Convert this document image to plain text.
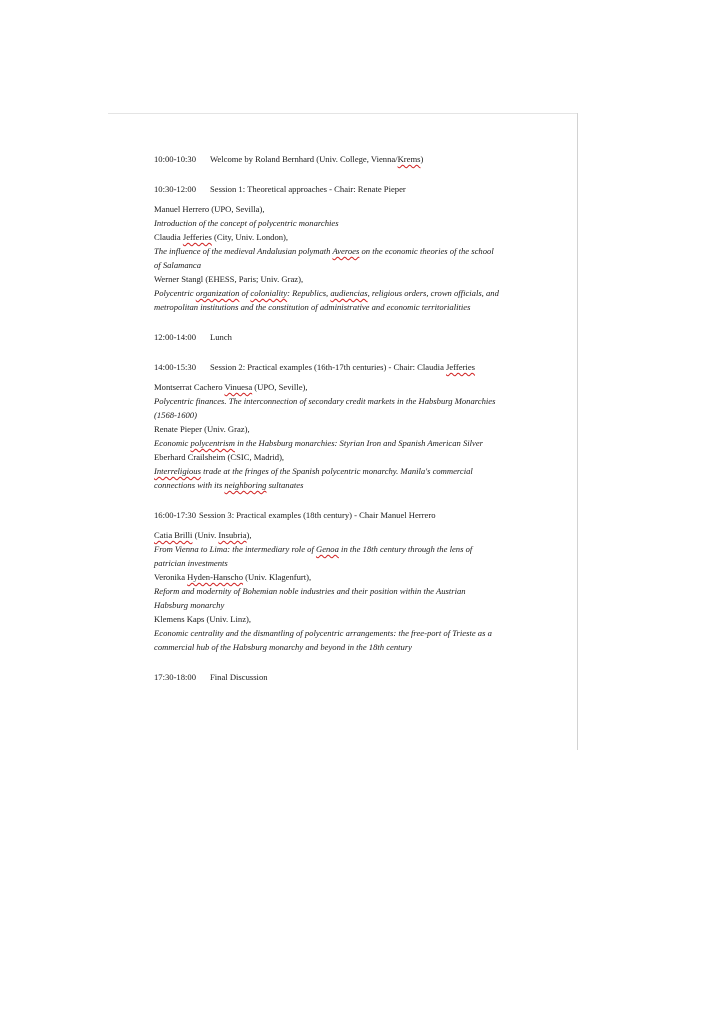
10:00-10:30 Welcome by Roland Bernhard (Univ. College, Vienna/Krems)
10:30-12:00 Session 1: Theoretical approaches - Chair: Renate Pieper
Manuel Herrero (UPO, Sevilla),
Introduction of the concept of polycentric monarchies
Claudia Jefferies (City, Univ. London),
The influence of the medieval Andalusian polymath Averoes on the economic theories of the school
of Salamanca
Werner Stangl (EHESS, Paris; Univ. Graz),
Polycentric organization of coloniality: Republics, audiencias, religious orders, crown officials, and
metropolitan institutions and the constitution of administrative and economic territorialities
12:00-14:00 Lunch
14:00-15:30 Session 2: Practical examples (16th-17th centuries) - Chair: Claudia Jefferies
Montserrat Cachero Vinuesa (UPO, Seville),
Polycentric finances. The interconnection of secondary credit markets in the Habsburg Monarchies
(1568-1600)
Renate Pieper (Univ. Graz),
Economic polycentrism in the Habsburg monarchies: Styrian Iron and Spanish American Silver
Eberhard Crailsheim (CSIC, Madrid),
Interreligious trade at the fringes of the Spanish polycentric monarchy. Manila's commercial
connections with its neighboring sultanates
16:00-17:30 Session 3: Practical examples (18th century) - Chair Manuel Herrero
Catia Brilli (Univ. Insubria),
From Vienna to Lima: the intermediary role of Genoa in the 18th century through the lens of
patrician investments
Veronika Hyden-Hanscho (Univ. Klagenfurt),
Reform and modernity of Bohemian noble industries and their position within the Austrian
Habsburg monarchy
Klemens Kaps (Univ. Linz),
Economic centrality and the dismantling of polycentric arrangements: the free-port of Trieste as a
commercial hub of the Habsburg monarchy and beyond in the 18th century
17:30-18:00 Final Discussion
